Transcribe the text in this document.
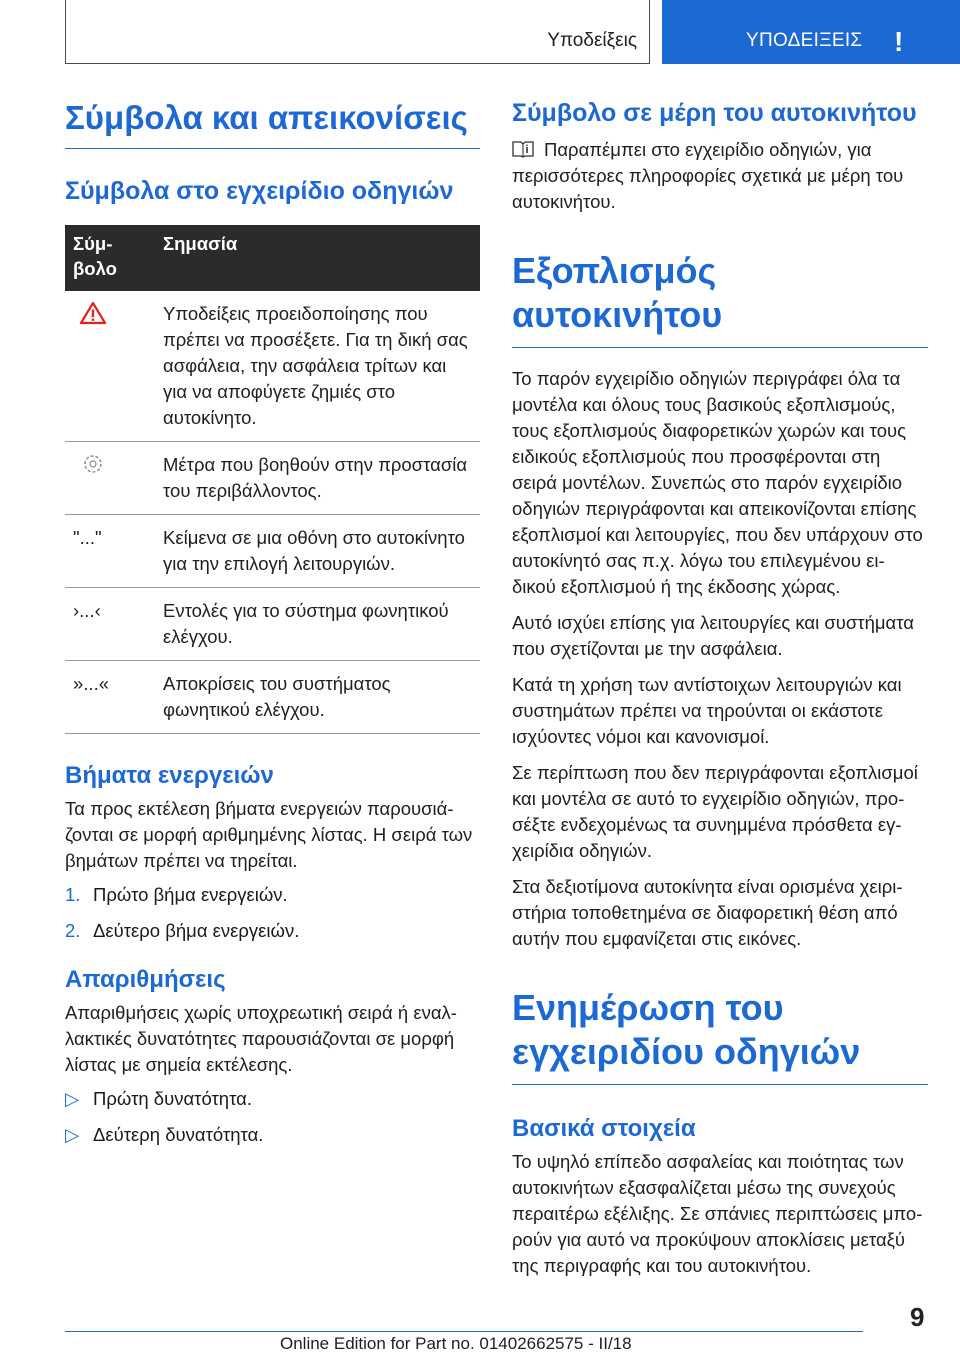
Υποδείξεις	ΥΠΟΔΕΙΞΕΙΣ !
Σύμβολα και απεικονίσεις
Σύμβολα στο εγχειρίδιο οδηγιών
Σύμ-
βολο	Σημασία
	Υποδείξεις προειδοποίησης που πρέπει να προσέξετε. Για τη δική σας ασφάλεια, την ασφάλεια τρίτων και για να αποφύγετε ζημιές στο αυτοκίνητο.
	Μέτρα που βοηθούν στην προστασία του περιβάλλοντος.
"..."	Κείμενα σε μια οθόνη στο αυτοκίνητο για την επιλογή λειτουργιών.
›...‹	Εντολές για το σύστημα φωνητικού ελέγχου.
»...«	Αποκρίσεις του συστήματος φωνητικού ελέγχου.
Βήματα ενεργειών

Τα προς εκτέλεση βήματα ενεργειών παρουσιά-ζονται σε μορφή αριθμημένης λίστας. Η σειρά των βημάτων πρέπει να τηρείται.

1. Πρώτο βήμα ενεργειών.
2. Δεύτερο βήμα ενεργειών.
Απαριθμήσεις

Απαριθμήσεις χωρίς υποχρεωτική σειρά ή εναλ-λακτικές δυνατότητες παρουσιάζονται σε μορφή λίστας με σημεία εκτέλεσης.

▷ Πρώτη δυνατότητα.
▷ Δεύτερη δυνατότητα.
Σύμβολο σε μέρη του αυτοκινήτου

Παραπέμπει στο εγχειρίδιο οδηγιών, για περισσότερες πληροφορίες σχετικά με μέρη του αυτοκινήτου.

Εξοπλισμός αυτοκινήτου

Το παρόν εγχειρίδιο οδηγιών περιγράφει όλα τα μοντέλα και όλους τους βασικούς εξοπλισμούς, τους εξοπλισμούς διαφορετικών χωρών και τους ειδικούς εξοπλισμούς που προσφέρονται στη σειρά μοντέλων. Συνεπώς στο παρόν εγχειρίδιο οδηγιών περιγράφονται και απεικονίζονται επίσης εξοπλισμοί και λειτουργίες, που δεν υπάρχουν στο αυτοκίνητό σας π.χ. λόγω του επιλεγμένου ει-δικού εξοπλισμού ή της έκδοσης χώρας.

Αυτό ισχύει επίσης για λειτουργίες και συστήματα που σχετίζονται με την ασφάλεια.

Κατά τη χρήση των αντίστοιχων λειτουργιών και συστημάτων πρέπει να τηρούνται οι εκάστοτε ισχύοντες νόμοι και κανονισμοί.

Σε περίπτωση που δεν περιγράφονται εξοπλισμοί και μοντέλα σε αυτό το εγχειρίδιο οδηγιών, προ-σέξτε ενδεχομένως τα συνημμένα πρόσθετα εγ-χειρίδια οδηγιών.

Στα δεξιοτίμονα αυτοκίνητα είναι ορισμένα χειρι-στήρια τοποθετημένα σε διαφορετική θέση από αυτήν που εμφανίζεται στις εικόνες.

Ενημέρωση του εγχειριδίου οδηγιών
Βασικά στοιχεία

Το υψηλό επίπεδο ασφαλείας και ποιότητας των αυτοκινήτων εξασφαλίζεται μέσω της συνεχούς περαιτέρω εξέλιξης. Σε σπάνιες περιπτώσεις μπο-ρούν για αυτό να προκύψουν αποκλίσεις μεταξύ της περιγραφής και του αυτοκινήτου.

9
Online Edition for Part no. 01402662575 - II/18
